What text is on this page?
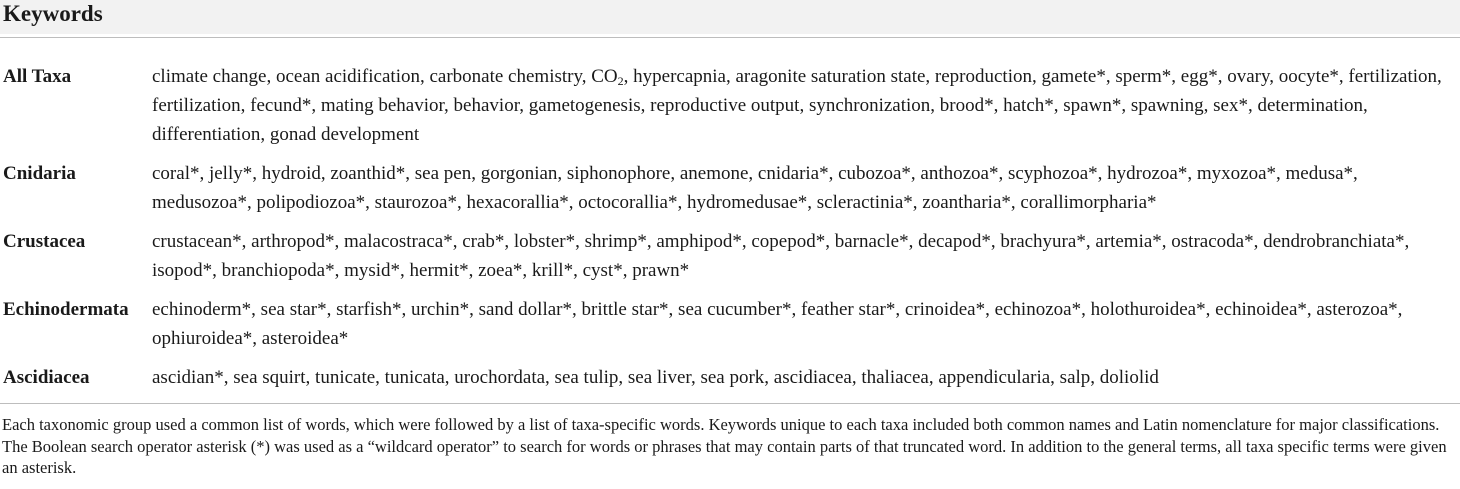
Keywords
All Taxa	climate change, ocean acidification, carbonate chemistry, $CO_2$, hypercapnia, aragonite saturation state, reproduction, gamete*, sperm*, egg*, ovary, oocyte*, fertilization, fertilization, fecund*, mating behavior, behavior, gametogenesis, reproductive output, synchronization, brood*, hatch*, spawn*, spawning, sex*, determination, differentiation, gonad development
Cnidaria	coral*, jelly*, hydroid, zoanthid*, sea pen, gorgonian, siphonophore, anemone, cnidaria*, cubozoa*, anthozoa*, scyphozoa*, hydrozoa*, myxozoa*, medusa*, medusozoa*, polipodiozoa*, staurozoa*, hexacorallia*, octocorallia*, hydromedusae*, scleractinia*, zoantharia*, corallimorpharia*
Crustacea	crustacean*, arthropod*, malacostraca*, crab*, lobster*, shrimp*, amphipod*, copepod*, barnacle*, decapod*, brachyura*, artemia*, ostracoda*, dendrobranchiata*, isopod*, branchiopoda*, mysid*, hermit*, zoea*, krill*, cyst*, prawn*
Echinodermata	echinoderm*, sea star*, starfish*, urchin*, sand dollar*, brittle star*, sea cucumber*, feather star*, crinoidea*, echinozoa*, holothuroidea*, echinoidea*, asterozoa*, ophiuroidea*, asteroidea*
Ascidiacea	ascidian*, sea squirt, tunicate, tunicata, urochordata, sea tulip, sea liver, sea pork, ascidiacea, thaliacea, appendicularia, salp, doliolid
Each taxonomic group used a common list of words, which were followed by a list of taxa-specific words. Keywords unique to each taxa included both common names and Latin nomenclature for major classifications. The Boolean search operator asterisk (*) was used as a “wildcard operator” to search for words or phrases that may contain parts of that truncated word. In addition to the general terms, all taxa specific terms were given an asterisk.
